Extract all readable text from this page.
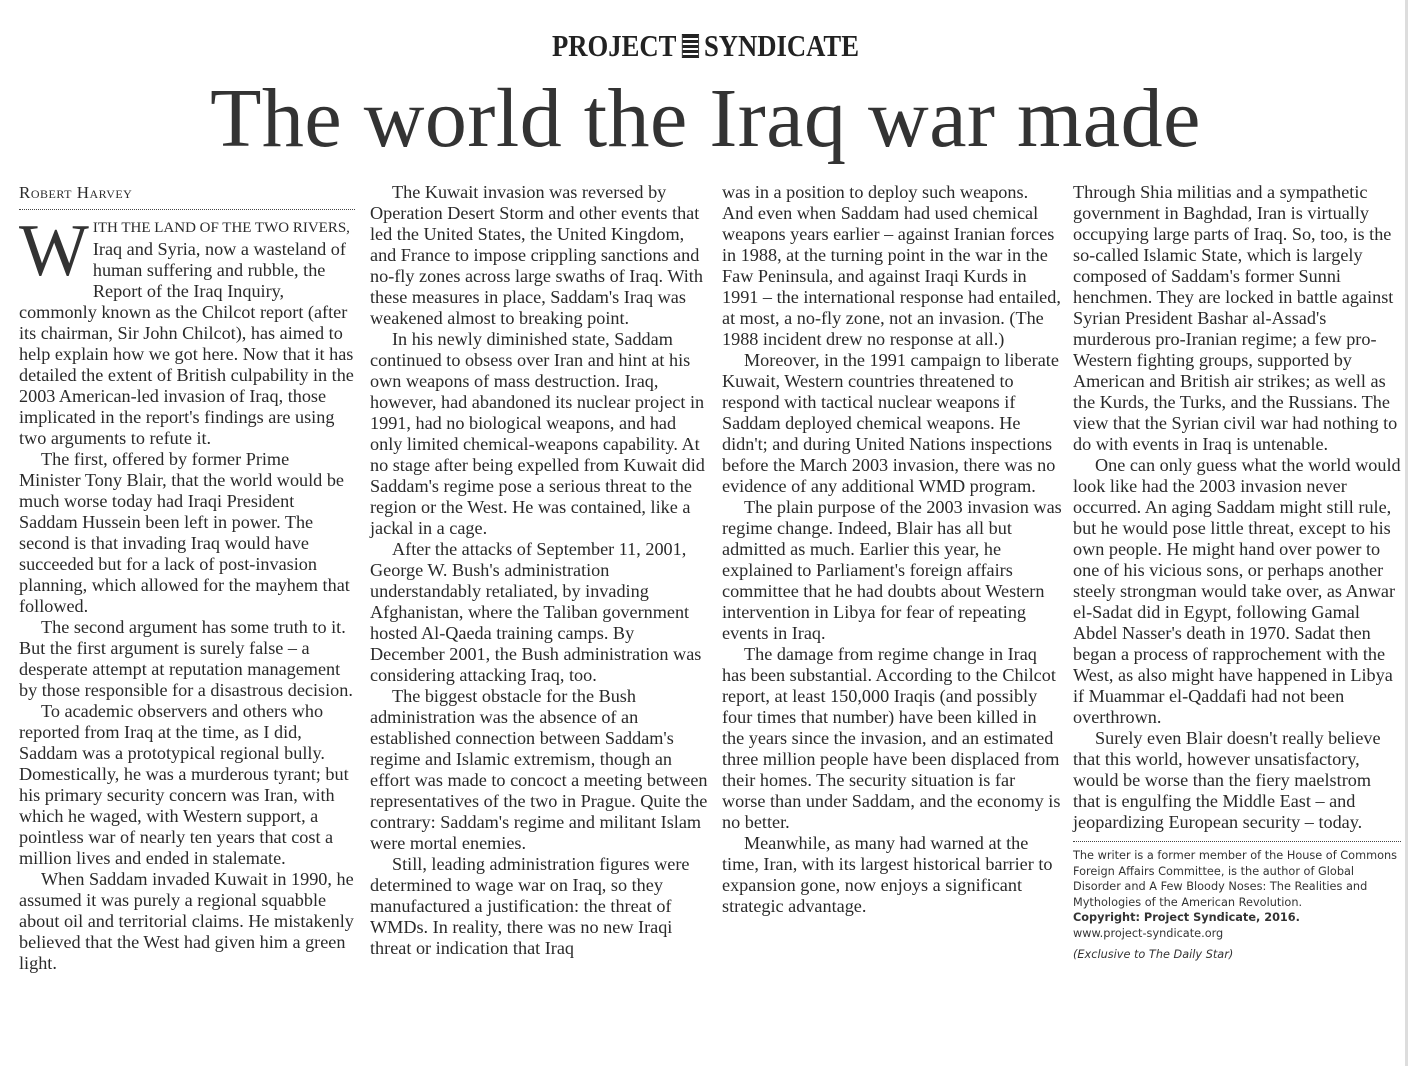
PROJECT SYNDICATE
The world the Iraq war made
Robert Harvey

WITH THE LAND OF THE TWO RIVERS, Iraq and Syria, now a wasteland of human suffering and rubble, the Report of the Iraq Inquiry, commonly known as the Chilcot report (after its chairman, Sir John Chilcot), has aimed to help explain how we got here. Now that it has detailed the extent of British culpability in the 2003 American-led invasion of Iraq, those implicated in the report's findings are using two arguments to refute it.

The first, offered by former Prime Minister Tony Blair, that the world would be much worse today had Iraqi President Saddam Hussein been left in power. The second is that invading Iraq would have succeeded but for a lack of post-invasion planning, which allowed for the mayhem that followed.

The second argument has some truth to it. But the first argument is surely false – a desperate attempt at reputation management by those responsible for a disastrous decision.

To academic observers and others who reported from Iraq at the time, as I did, Saddam was a prototypical regional bully. Domestically, he was a murderous tyrant; but his primary security concern was Iran, with which he waged, with Western support, a pointless war of nearly ten years that cost a million lives and ended in stalemate.

When Saddam invaded Kuwait in 1990, he assumed it was purely a regional squabble about oil and territorial claims. He mistakenly believed that the West had given him a green light.

The Kuwait invasion was reversed by Operation Desert Storm and other events that led the United States, the United Kingdom, and France to impose crippling sanctions and no-fly zones across large swaths of Iraq. With these measures in place, Saddam's Iraq was weakened almost to breaking point.

In his newly diminished state, Saddam continued to obsess over Iran and hint at his own weapons of mass destruction. Iraq, however, had abandoned its nuclear project in 1991, had no biological weapons, and had only limited chemical-weapons capability. At no stage after being expelled from Kuwait did Saddam's regime pose a serious threat to the region or the West. He was contained, like a jackal in a cage.

After the attacks of September 11, 2001, George W. Bush's administration understandably retaliated, by invading Afghanistan, where the Taliban government hosted Al-Qaeda training camps. By December 2001, the Bush administration was considering attacking Iraq, too.

The biggest obstacle for the Bush administration was the absence of an established connection between Saddam's regime and Islamic extremism, though an effort was made to concoct a meeting between representatives of the two in Prague. Quite the contrary: Saddam's regime and militant Islam were mortal enemies.

Still, leading administration figures were determined to wage war on Iraq, so they manufactured a justification: the threat of WMDs. In reality, there was no new Iraqi threat or indication that Iraq

was in a position to deploy such weapons. And even when Saddam had used chemical weapons years earlier – against Iranian forces in 1988, at the turning point in the war in the Faw Peninsula, and against Iraqi Kurds in 1991 – the international response had entailed, at most, a no-fly zone, not an invasion. (The 1988 incident drew no response at all.)

Moreover, in the 1991 campaign to liberate Kuwait, Western countries threatened to respond with tactical nuclear weapons if Saddam deployed chemical weapons. He didn't; and during United Nations inspections before the March 2003 invasion, there was no evidence of any additional WMD program.

The plain purpose of the 2003 invasion was regime change. Indeed, Blair has all but admitted as much. Earlier this year, he explained to Parliament's foreign affairs committee that he had doubts about Western intervention in Libya for fear of repeating events in Iraq.

The damage from regime change in Iraq has been substantial. According to the Chilcot report, at least 150,000 Iraqis (and possibly four times that number) have been killed in the years since the invasion, and an estimated three million people have been displaced from their homes. The security situation is far worse than under Saddam, and the economy is no better.

Meanwhile, as many had warned at the time, Iran, with its largest historical barrier to expansion gone, now enjoys a significant strategic advantage.

Through Shia militias and a sympathetic government in Baghdad, Iran is virtually occupying large parts of Iraq. So, too, is the so-called Islamic State, which is largely composed of Saddam's former Sunni henchmen. They are locked in battle against Syrian President Bashar al-Assad's murderous pro-Iranian regime; a few pro-Western fighting groups, supported by American and British air strikes; as well as the Kurds, the Turks, and the Russians. The view that the Syrian civil war had nothing to do with events in Iraq is untenable.

One can only guess what the world would look like had the 2003 invasion never occurred. An aging Saddam might still rule, but he would pose little threat, except to his own people. He might hand over power to one of his vicious sons, or perhaps another steely strongman would take over, as Anwar el-Sadat did in Egypt, following Gamal Abdel Nasser's death in 1970. Sadat then began a process of rapprochement with the West, as also might have happened in Libya if Muammar el-Qaddafi had not been overthrown.

Surely even Blair doesn't really believe that this world, however unsatisfactory, would be worse than the fiery maelstrom that is engulfing the Middle East – and jeopardizing European security – today.

The writer is a former member of the House of Commons Foreign Affairs Committee, is the author of Global Disorder and A Few Bloody Noses: The Realities and Mythologies of the American Revolution.
Copyright: Project Syndicate, 2016.
www.project-syndicate.org
(Exclusive to The Daily Star)
